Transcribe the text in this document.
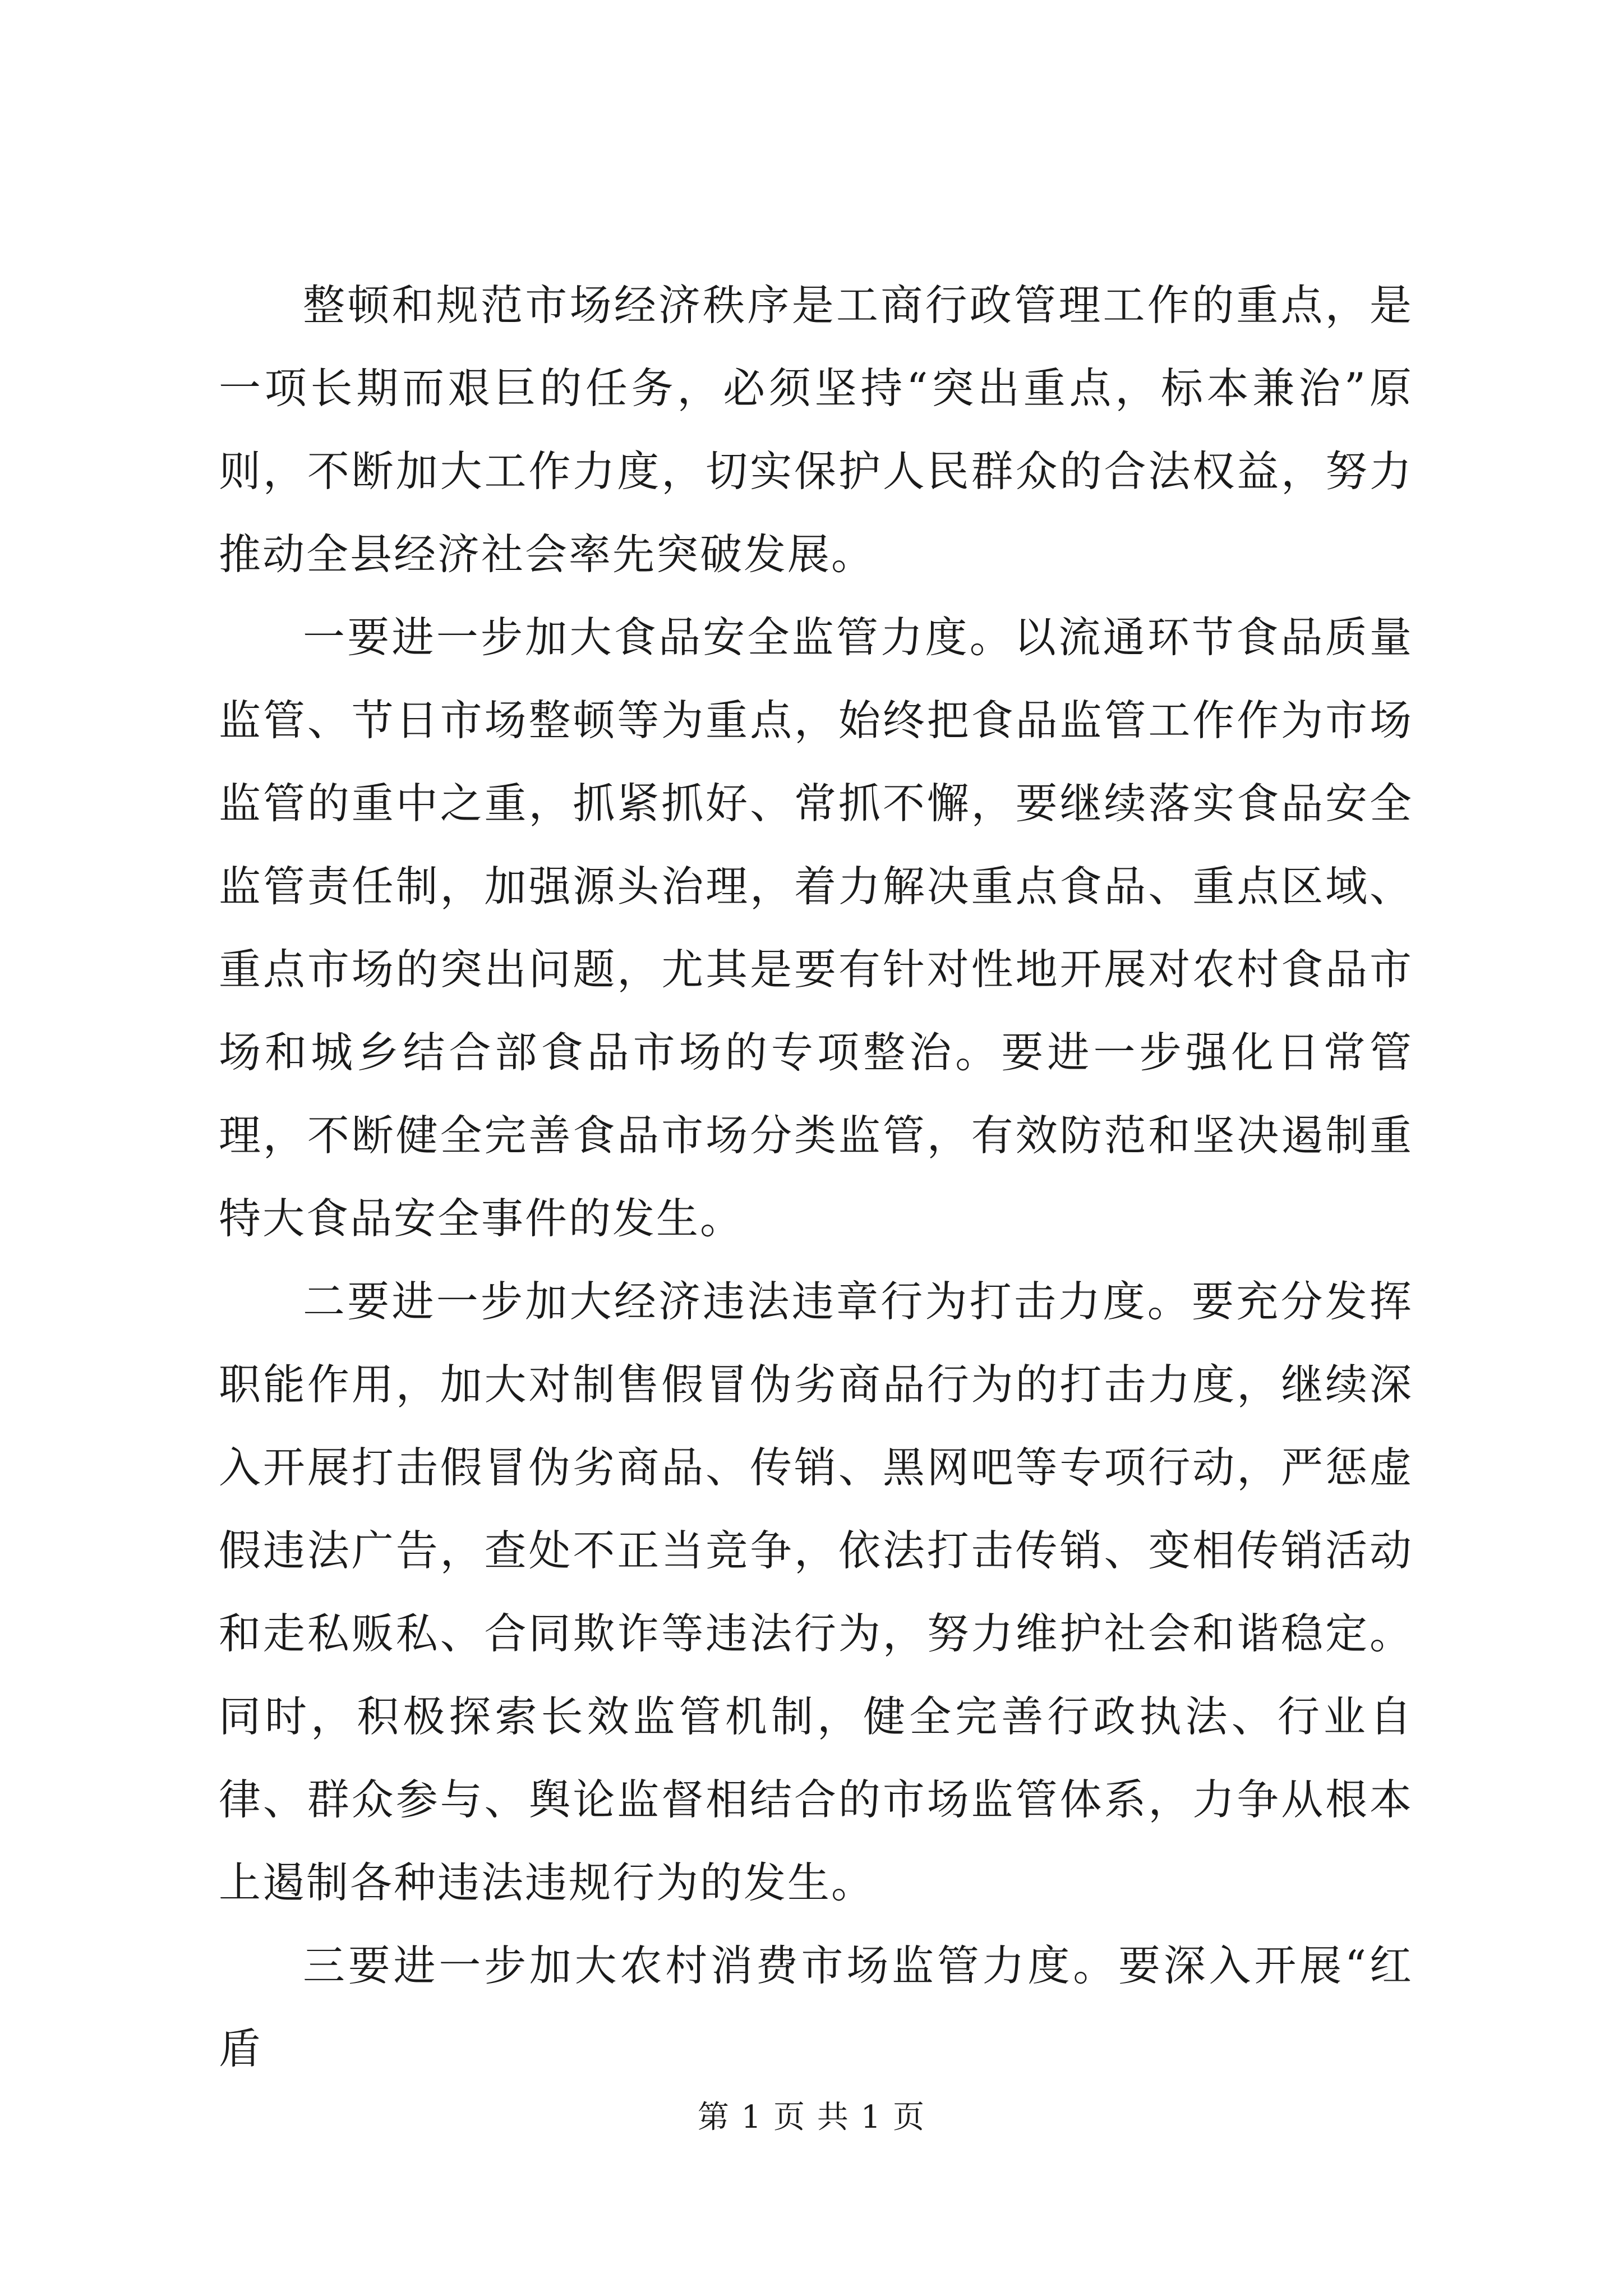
整顿和规范市场经济秩序是工商行政管理工作的重点，是一项长期而艰巨的任务，必须坚持“突出重点，标本兼治”原则，不断加大工作力度，切实保护人民群众的合法权益，努力推动全县经济社会率先突破发展。

一要进一步加大食品安全监管力度。以流通环节食品质量监管、节日市场整顿等为重点，始终把食品监管工作作为市场监管的重中之重，抓紧抓好、常抓不懈，要继续落实食品安全监管责任制，加强源头治理，着力解决重点食品、重点区域、重点市场的突出问题，尤其是要有针对性地开展对农村食品市场和城乡结合部食品市场的专项整治。要进一步强化日常管理，不断健全完善食品市场分类监管，有效防范和坚决遏制重特大食品安全事件的发生。

二要进一步加大经济违法违章行为打击力度。要充分发挥职能作用，加大对制售假冒伪劣商品行为的打击力度，继续深入开展打击假冒伪劣商品、传销、黑网吧等专项行动，严惩虚假违法广告，查处不正当竞争，依法打击传销、变相传销活动和走私贩私、合同欺诈等违法行为，努力维护社会和谐稳定。同时，积极探索长效监管机制，健全完善行政执法、行业自律、群众参与、舆论监督相结合的市场监管体系，力争从根本上遏制各种违法违规行为的发生。

三要进一步加大农村消费市场监管力度。要深入开展“红盾

第 1 页 共 1 页
